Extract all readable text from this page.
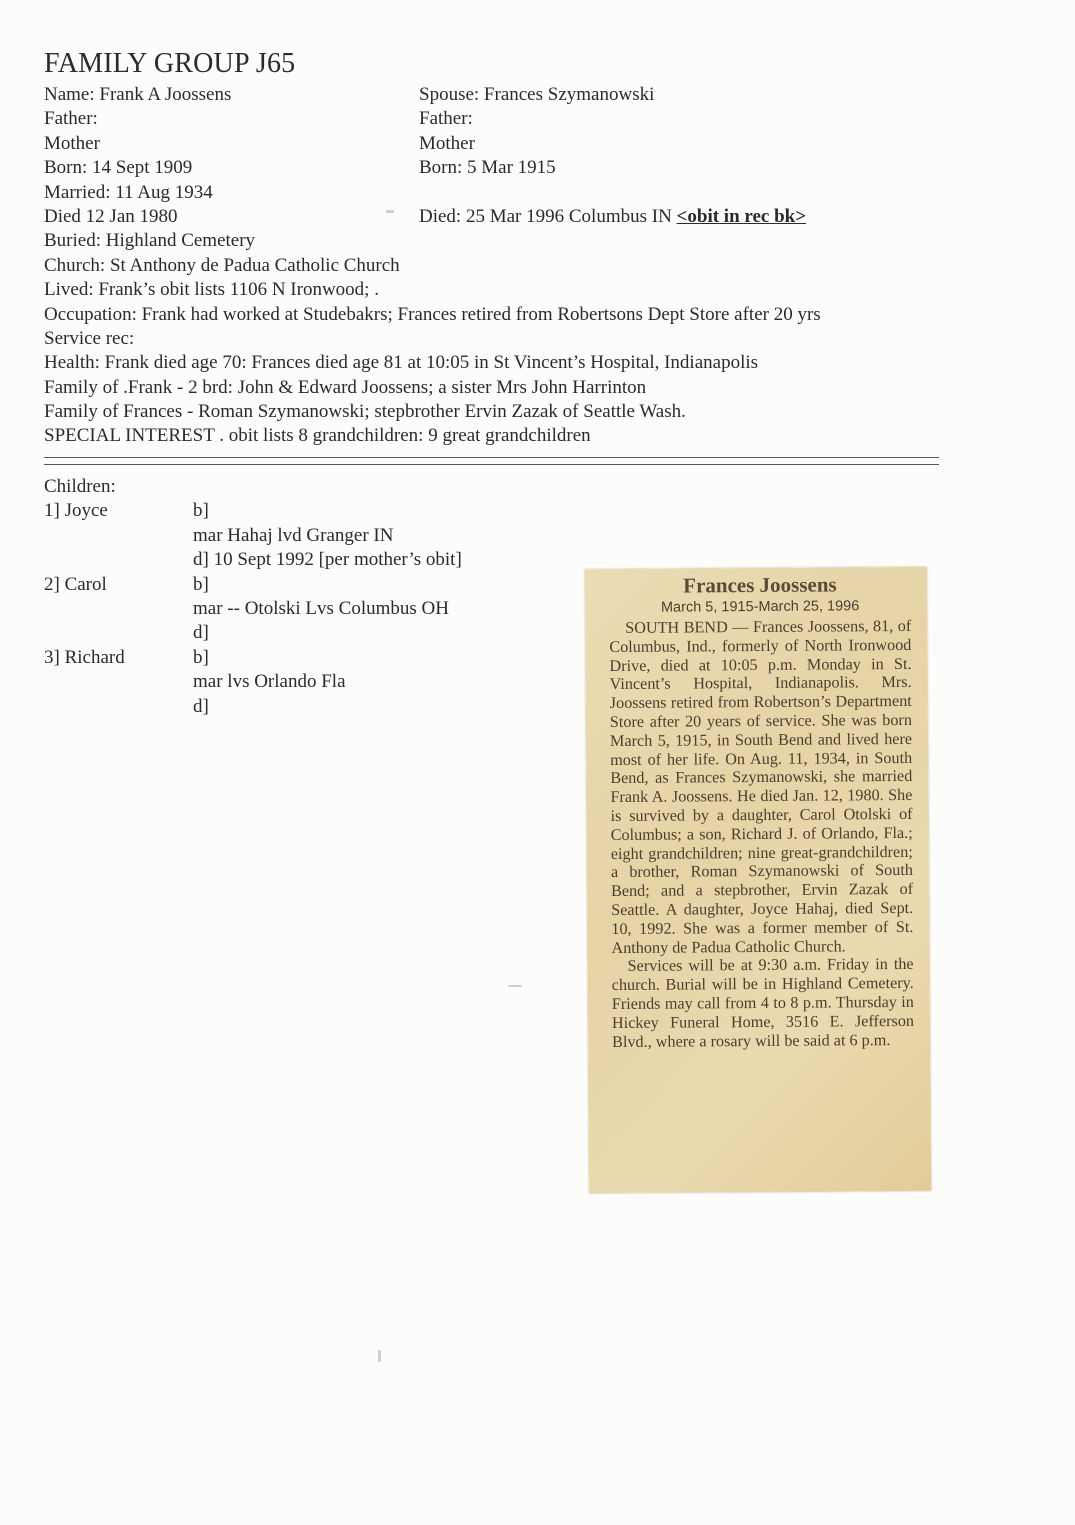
FAMILY GROUP J65
Name: Frank A Joossens	Spouse: Frances Szymanowski
Father:	Father:
Mother	Mother
Born: 14 Sept 1909	Born: 5 Mar 1915
Married: 11 Aug 1934
Died 12 Jan 1980	Died: 25 Mar 1996 Columbus IN <obit in rec bk>
Buried: Highland Cemetery
Church: St Anthony de Padua Catholic Church
Lived: Frank’s obit lists 1106 N Ironwood; .
Occupation: Frank had worked at Studebakrs; Frances retired from Robertsons Dept Store after 20 yrs
Service rec:
Health: Frank died age 70: Frances died age 81 at 10:05 in St Vincent’s Hospital, Indianapolis
Family of .Frank - 2 brd: John & Edward Joossens; a sister Mrs John Harrinton
Family of Frances - Roman Szymanowski; stepbrother Ervin Zazak of Seattle Wash.
SPECIAL INTEREST . obit lists 8 grandchildren: 9 great grandchildren
Children:
1] Joyce	b]
mar Hahaj lvd Granger IN
d] 10 Sept 1992 [per mother’s obit]
2] Carol	b]
mar -- Otolski Lvs Columbus OH
d]
3] Richard	b]
mar lvs Orlando Fla
d]
Frances Joossens
March 5, 1915-March 25, 1996

SOUTH BEND — Frances Joossens, 81, of Columbus, Ind., formerly of North Ironwood Drive, died at 10:05 p.m. Monday in St. Vincent’s Hospital, Indianapolis. Mrs. Joossens retired from Robertson’s Department Store after 20 years of service. She was born March 5, 1915, in South Bend and lived here most of her life. On Aug. 11, 1934, in South Bend, as Frances Szymanowski, she married Frank A. Joossens. He died Jan. 12, 1980. She is survived by a daughter, Carol Otolski of Columbus; a son, Richard J. of Orlando, Fla.; eight grandchildren; nine great-grandchildren; a brother, Roman Szymanowski of South Bend; and a stepbrother, Ervin Zazak of Seattle. A daughter, Joyce Hahaj, died Sept. 10, 1992. She was a former member of St. Anthony de Padua Catholic Church.

Services will be at 9:30 a.m. Friday in the church. Burial will be in Highland Cemetery. Friends may call from 4 to 8 p.m. Thursday in Hickey Funeral Home, 3516 E. Jefferson Blvd., where a rosary will be said at 6 p.m.
